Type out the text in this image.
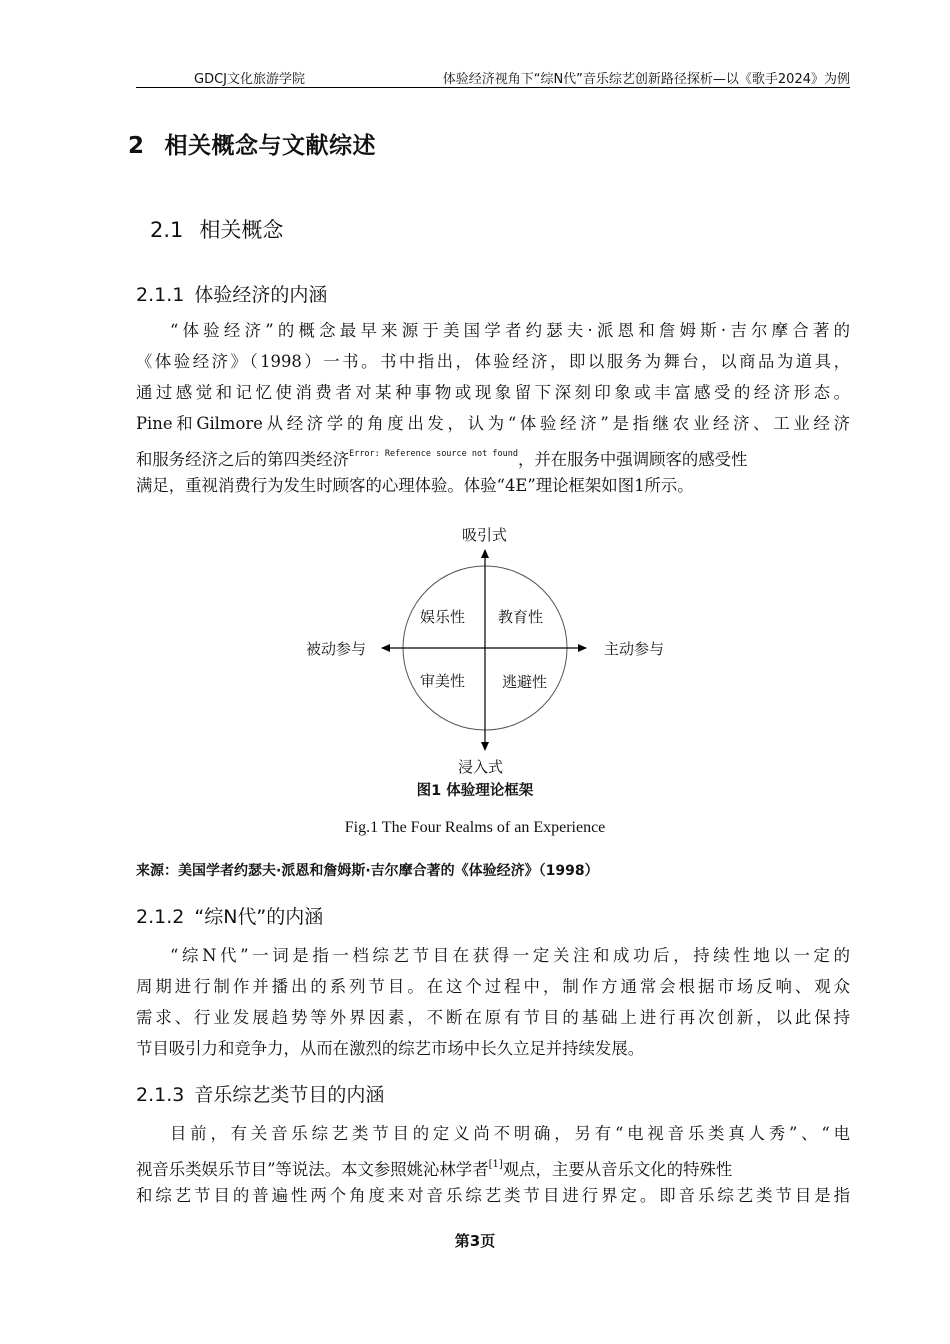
GDCJ文化旅游学院	体验经济视角下“综N代”音乐综艺创新路径探析—以《歌手2024》为例
2 相关概念与文献综述
2.1 相关概念
2.1.1 体验经济的内涵
“体验经济”的概念最早来源于美国学者约瑟夫·派恩和詹姆斯·吉尔摩合著的
《体验经济》（1998）一书。书中指出，体验经济，即以服务为舞台，以商品为道具，
通过感觉和记忆使消费者对某种事物或现象留下深刻印象或丰富感受的经济形态。
Pine和Gilmore从经济学的角度出发，认为“体验经济”是指继农业经济、工业经济
和服务经济之后的第四类经济$^{Error: Reference source not found}$，并在服务中强调顾客的感受性
满足，重视消费行为发生时顾客的心理体验。体验“4E”理论框架如图1所示。
吸引式
浸入式
被动参与	主动参与
娱乐性 教育性
审美性 逃避性
图1 体验理论框架
Fig.1 The Four Realms of an Experience
来源：美国学者约瑟夫·派恩和詹姆斯·吉尔摩合著的《体验经济》（1998）
2.1.2 “综N代”的内涵
“综N代”一词是指一档综艺节目在获得一定关注和成功后，持续性地以一定的
周期进行制作并播出的系列节目。在这个过程中，制作方通常会根据市场反响、观众
需求、行业发展趋势等外界因素，不断在原有节目的基础上进行再次创新，以此保持
节目吸引力和竞争力，从而在激烈的综艺市场中长久立足并持续发展。
2.1.3 音乐综艺类节目的内涵
目前，有关音乐综艺类节目的定义尚不明确，另有“电视音乐类真人秀”、“电
视音乐类娱乐节目”等说法。本文参照姚沁林学者[1]观点，主要从音乐文化的特殊性
和综艺节目的普遍性两个角度来对音乐综艺类节目进行界定。即音乐综艺类节目是指
第3页
